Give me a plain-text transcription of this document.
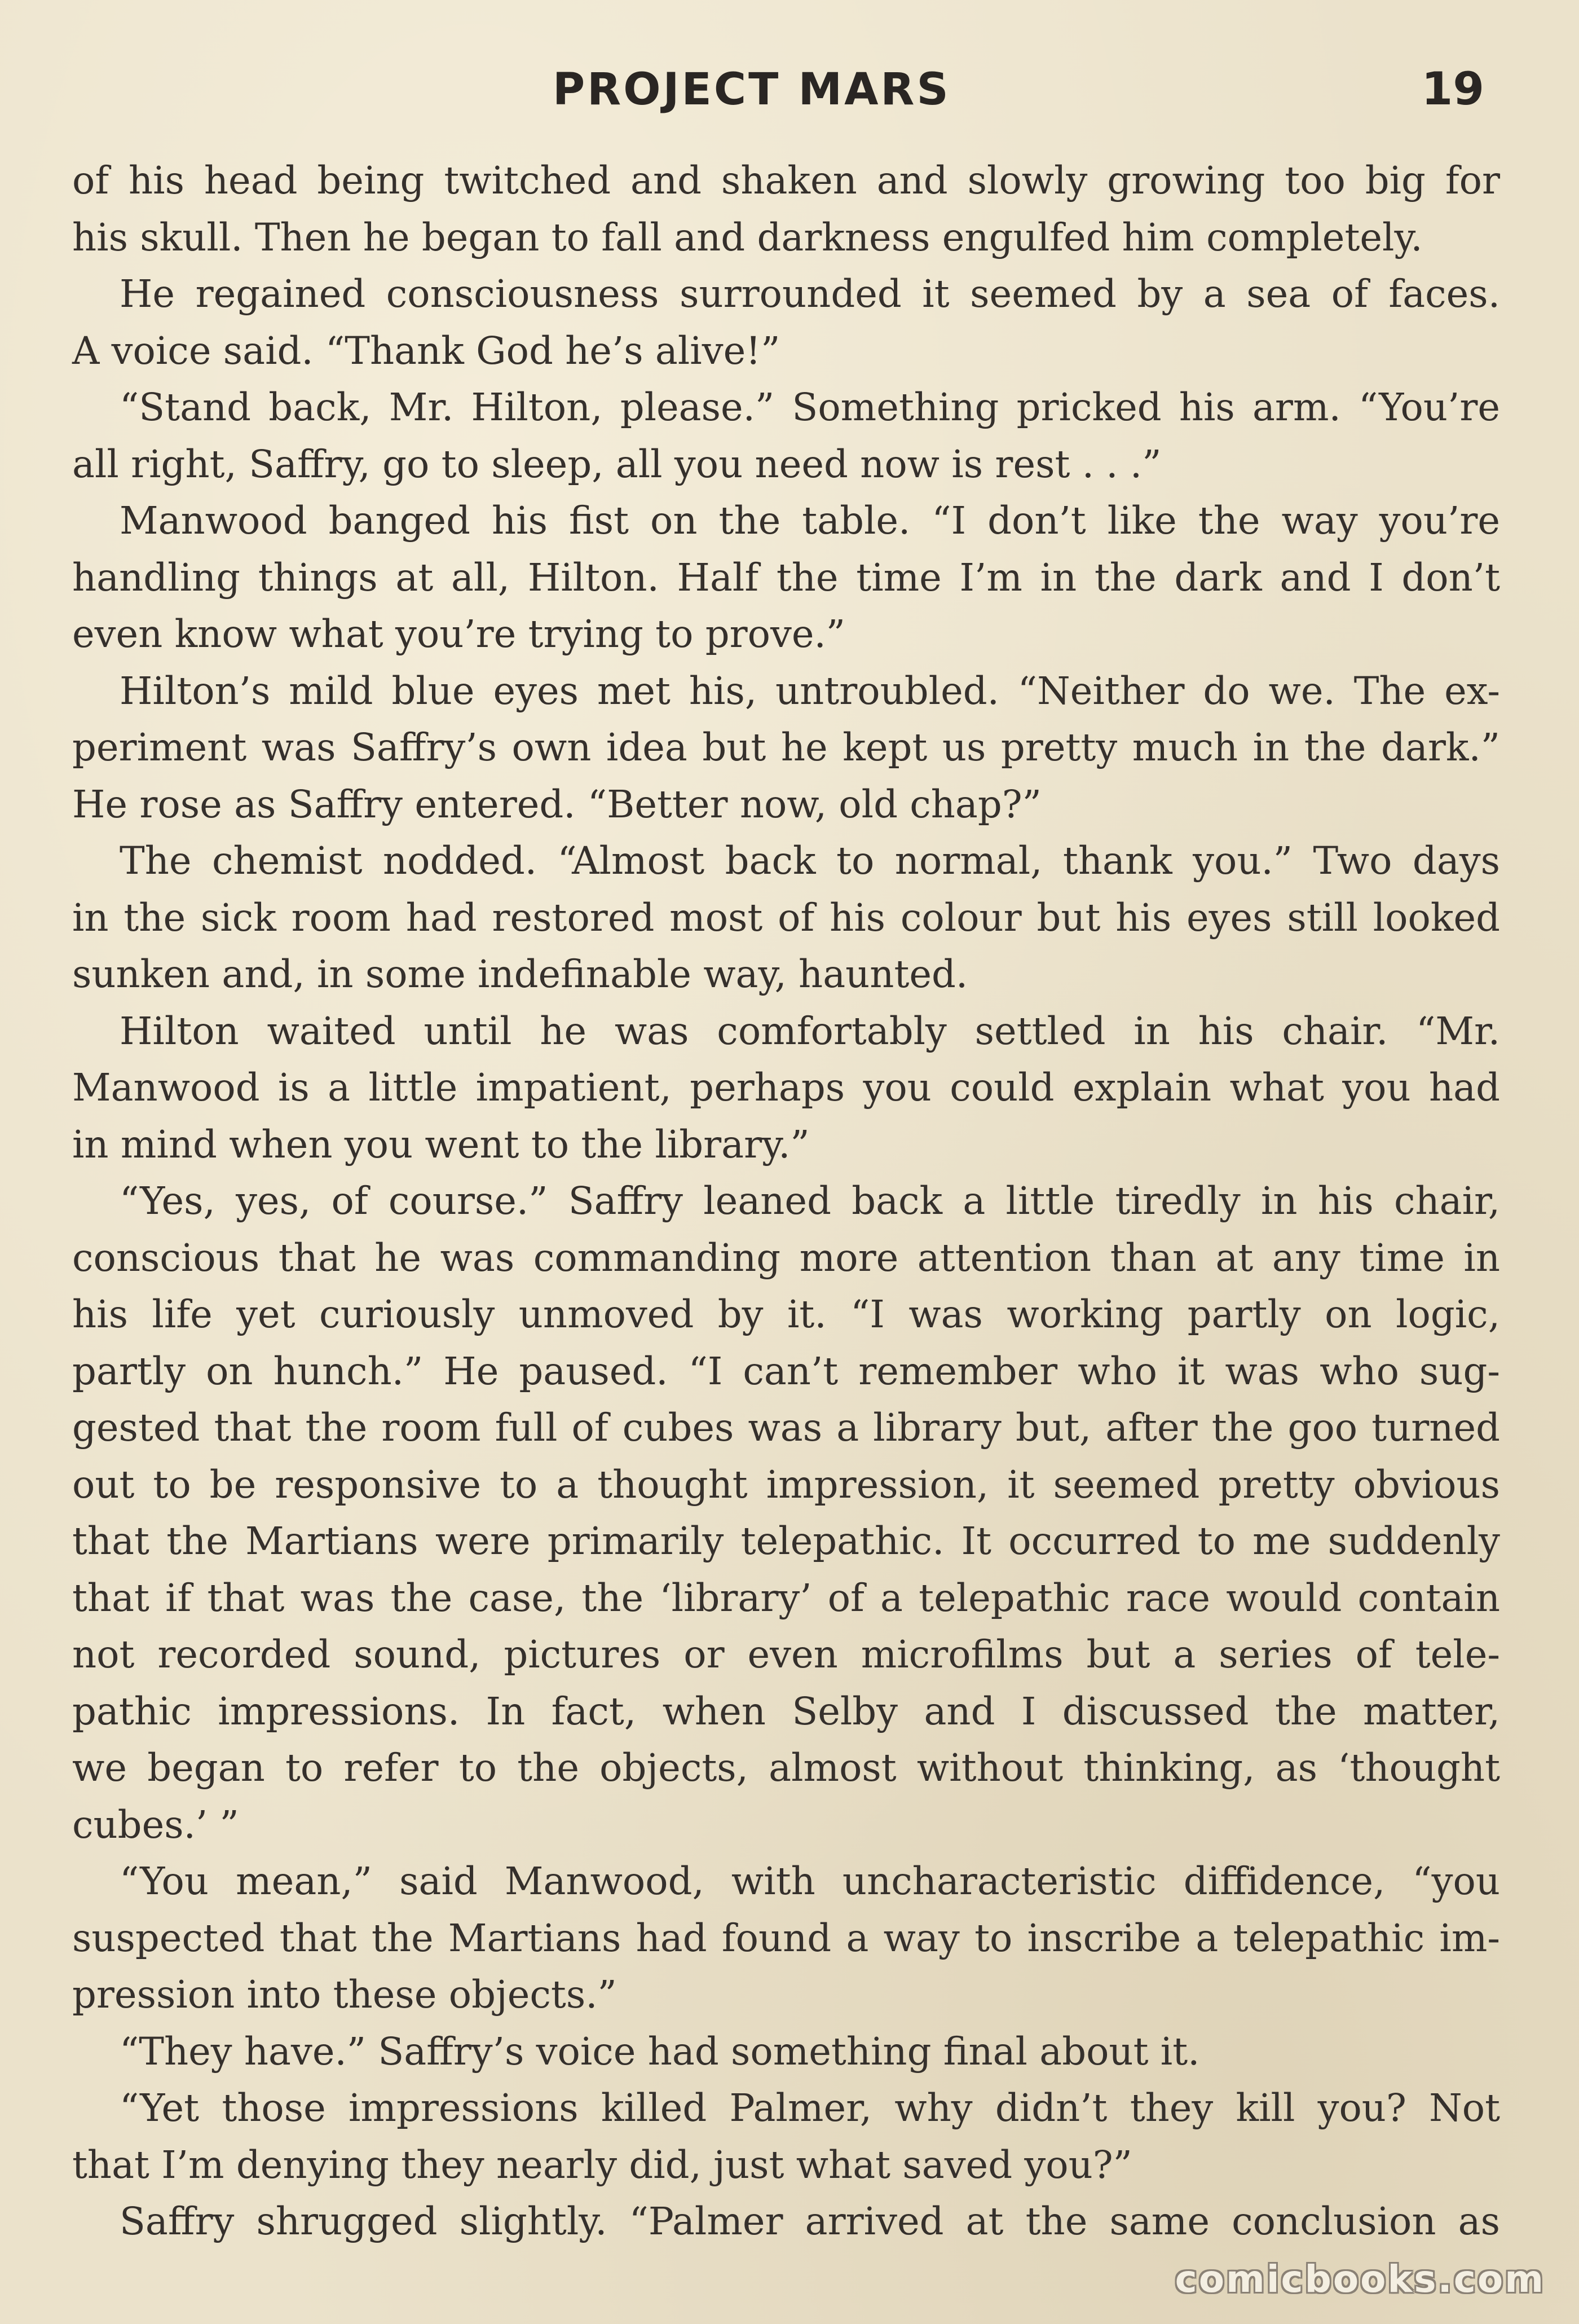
PROJECT MARS	19
of his head being twitched and shaken and slowly growing too big for
his skull. Then he began to fall and darkness engulfed him completely.
He regained consciousness surrounded it seemed by a sea of faces.
A voice said. “Thank God he’s alive!”
“Stand back, Mr. Hilton, please.” Something pricked his arm. “You’re
all right, Saffry, go to sleep, all you need now is rest . . .”
Manwood banged his fist on the table. “I don’t like the way you’re
handling things at all, Hilton. Half the time I’m in the dark and I don’t
even know what you’re trying to prove.”
Hilton’s mild blue eyes met his, untroubled. “Neither do we. The ex-
periment was Saffry’s own idea but he kept us pretty much in the dark.”
He rose as Saffry entered. “Better now, old chap?”
The chemist nodded. “Almost back to normal, thank you.” Two days
in the sick room had restored most of his colour but his eyes still looked
sunken and, in some indefinable way, haunted.
Hilton waited until he was comfortably settled in his chair. “Mr.
Manwood is a little impatient, perhaps you could explain what you had
in mind when you went to the library.”
“Yes, yes, of course.” Saffry leaned back a little tiredly in his chair,
conscious that he was commanding more attention than at any time in
his life yet curiously unmoved by it. “I was working partly on logic,
partly on hunch.” He paused. “I can’t remember who it was who sug-
gested that the room full of cubes was a library but, after the goo turned
out to be responsive to a thought impression, it seemed pretty obvious
that the Martians were primarily telepathic. It occurred to me suddenly
that if that was the case, the ‘library’ of a telepathic race would contain
not recorded sound, pictures or even microfilms but a series of tele-
pathic impressions. In fact, when Selby and I discussed the matter,
we began to refer to the objects, almost without thinking, as ‘thought
cubes.’ ”
“You mean,” said Manwood, with uncharacteristic diffidence, “you
suspected that the Martians had found a way to inscribe a telepathic im-
pression into these objects.”
“They have.” Saffry’s voice had something final about it.
“Yet those impressions killed Palmer, why didn’t they kill you? Not
that I’m denying they nearly did, just what saved you?”
Saffry shrugged slightly. “Palmer arrived at the same conclusion as
comicbooks.com
